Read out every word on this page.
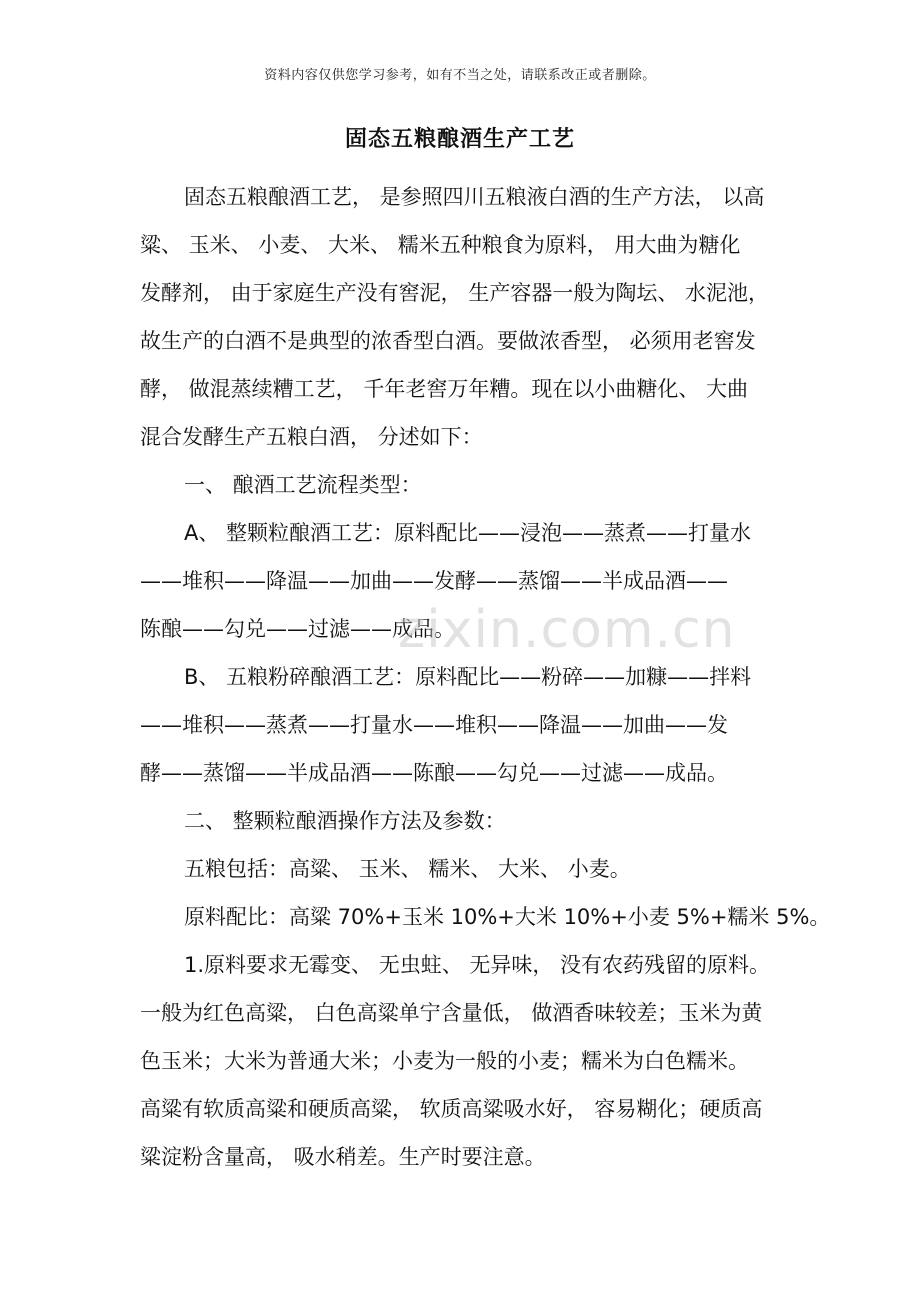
资料内容仅供您学习参考，如有不当之处，请联系改正或者删除。
固态五粮酿酒生产工艺
固态五粮酿酒工艺， 是参照四川五粮液白酒的生产方法， 以高
粱、 玉米、 小麦、 大米、 糯米五种粮食为原料， 用大曲为糖化
发酵剂， 由于家庭生产没有窖泥， 生产容器一般为陶坛、 水泥池，
故生产的白酒不是典型的浓香型白酒。要做浓香型， 必须用老窖发
酵， 做混蒸续糟工艺， 千年老窖万年糟。现在以小曲糖化、 大曲
混合发酵生产五粮白酒， 分述如下：
一、 酿酒工艺流程类型：
A、 整颗粒酿酒工艺：原料配比——浸泡——蒸煮——打量水
——堆积——降温——加曲——发酵——蒸馏——半成品酒——
陈酿——勾兑——过滤——成品。
B、 五粮粉碎酿酒工艺：原料配比——粉碎——加糠——拌料
——堆积——蒸煮——打量水——堆积——降温——加曲——发
酵——蒸馏——半成品酒——陈酿——勾兑——过滤——成品。
二、 整颗粒酿酒操作方法及参数：
五粮包括：高粱、 玉米、 糯米、 大米、 小麦。
原料配比：高粱 70%+玉米 10%+大米 10%+小麦 5%+糯米 5%。
1.原料要求无霉变、 无虫蛀、 无异味， 没有农药残留的原料。
一般为红色高粱， 白色高粱单宁含量低， 做酒香味较差；玉米为黄
色玉米；大米为普通大米；小麦为一般的小麦；糯米为白色糯米。
高粱有软质高粱和硬质高粱， 软质高粱吸水好， 容易糊化；硬质高
粱淀粉含量高， 吸水稍差。生产时要注意。
zixin.com.cn
